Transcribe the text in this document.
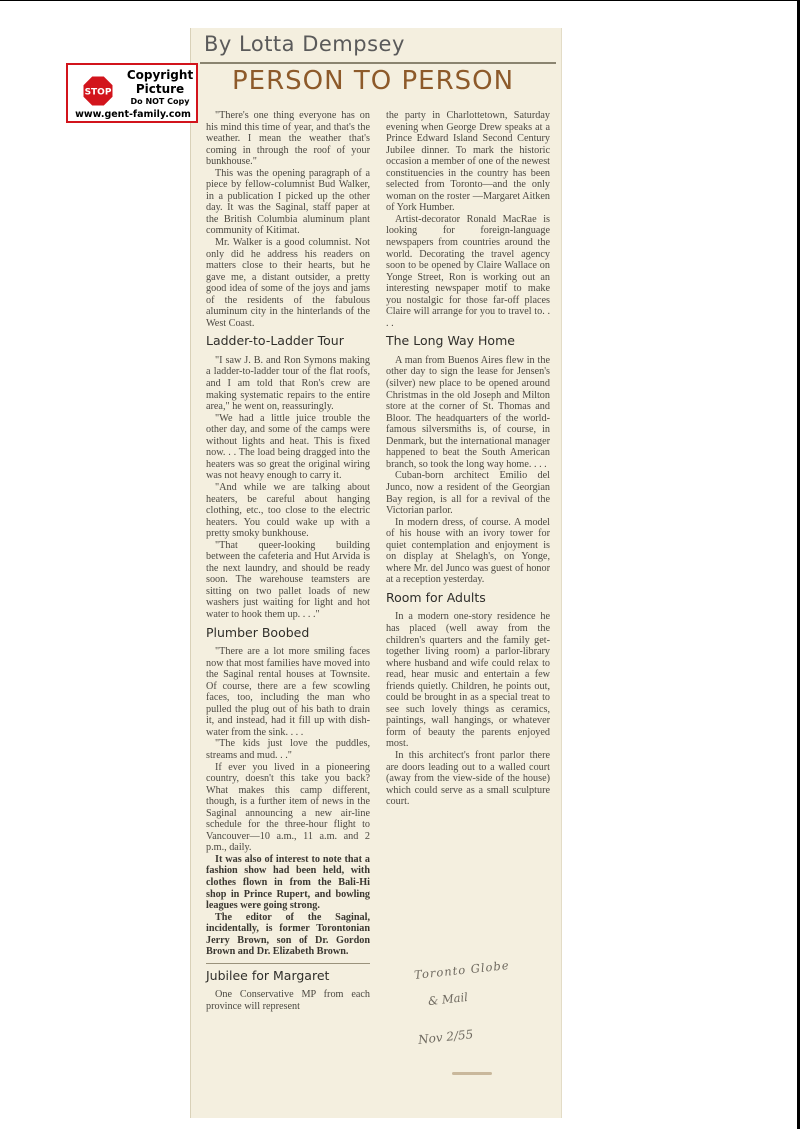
By Lotta Dempsey

PERSON TO PERSON
STOP
Copyright Picture
Do NOT Copy
www.gent-family.com	"There's one thing everyone has on his mind this time of year, and that's the weather. I mean the weather that's coming in through the roof of your bunkhouse."

This was the opening paragraph of a piece by fellow-columnist Bud Walker, in a publication I picked up the other day. It was the Saginal, staff paper at the British Columbia aluminum plant community of Kitimat.

Mr. Walker is a good columnist. Not only did he address his readers on matters close to their hearts, but he gave me, a distant outsider, a pretty good idea of some of the joys and jams of the residents of the fabulous aluminum city in the hinterlands of the West Coast.

Ladder-to-Ladder Tour

"I saw J. B. and Ron Symons making a ladder-to-ladder tour of the flat roofs, and I am told that Ron's crew are making systematic repairs to the entire area," he went on, reassuringly.

"We had a little juice trouble the other day, and some of the camps were without lights and heat. This is fixed now. . . The load being dragged into the heaters was so great the original wiring was not heavy enough to carry it.

"And while we are talking about heaters, be careful about hanging clothing, etc., too close to the electric heaters. You could wake up with a pretty smoky bunkhouse.

"That queer-looking building between the cafeteria and Hut Arvida is the next laundry, and should be ready soon. The warehouse teamsters are sitting on two pallet loads of new washers just waiting for light and hot water to hook them up. . . ."

Plumber Boobed

"There are a lot more smiling faces now that most families have moved into the Saginal rental houses at Townsite. Of course, there are a few scowling faces, too, including the man who pulled the plug out of his bath to drain it, and instead, had it fill up with dish-water from the sink. . . .

"The kids just love the puddles, streams and mud. . ."

If ever you lived in a pioneering country, doesn't this take you back? What makes this camp different, though, is a further item of news in the Saginal announcing a new air-line schedule for the three-hour flight to Vancouver—10 a.m., 11 a.m. and 2 p.m., daily.

It was also of interest to note that a fashion show had been held, with clothes flown in from the Bali-Hi shop in Prince Rupert, and bowling leagues were going strong.

The editor of the Saginal, incidentally, is former Torontonian Jerry Brown, son of Dr. Gordon Brown and Dr. Elizabeth Brown.

Jubilee for Margaret

One Conservative MP from each province will represent

the party in Charlottetown, Saturday evening when George Drew speaks at a Prince Edward Island Second Century Jubilee dinner. To mark the historic occasion a member of one of the newest constituencies in the country has been selected from Toronto—and the only woman on the roster —Margaret Aitken of York Humber.

Artist-decorator Ronald MacRae is looking for foreign-language newspapers from countries around the world. Decorating the travel agency soon to be opened by Claire Wallace on Yonge Street, Ron is working out an interesting newspaper motif to make you nostalgic for those far-off places Claire will arrange for you to travel to. . . .

The Long Way Home

A man from Buenos Aires flew in the other day to sign the lease for Jensen's (silver) new place to be opened around Christmas in the old Joseph and Milton store at the corner of St. Thomas and Bloor. The headquarters of the world-famous silversmiths is, of course, in Denmark, but the international manager happened to beat the South American branch, so took the long way home. . . .

Cuban-born architect Emilio del Junco, now a resident of the Georgian Bay region, is all for a revival of the Victorian parlor.

In modern dress, of course. A model of his house with an ivory tower for quiet contemplation and enjoyment is on display at Shelagh's, on Yonge, where Mr. del Junco was guest of honor at a reception yesterday.

Room for Adults

In a modern one-story residence he has placed (well away from the children's quarters and the family get-together living room) a parlor-library where husband and wife could relax to read, hear music and entertain a few friends quietly. Children, he points out, could be brought in as a special treat to see such lovely things as ceramics, paintings, wall hangings, or whatever form of beauty the parents enjoyed most.

In this architect's front parlor there are doors leading out to a walled court (away from the view-side of the house) which could serve as a small sculpture court.

Toronto Globe
& Mail
Nov 2/55
